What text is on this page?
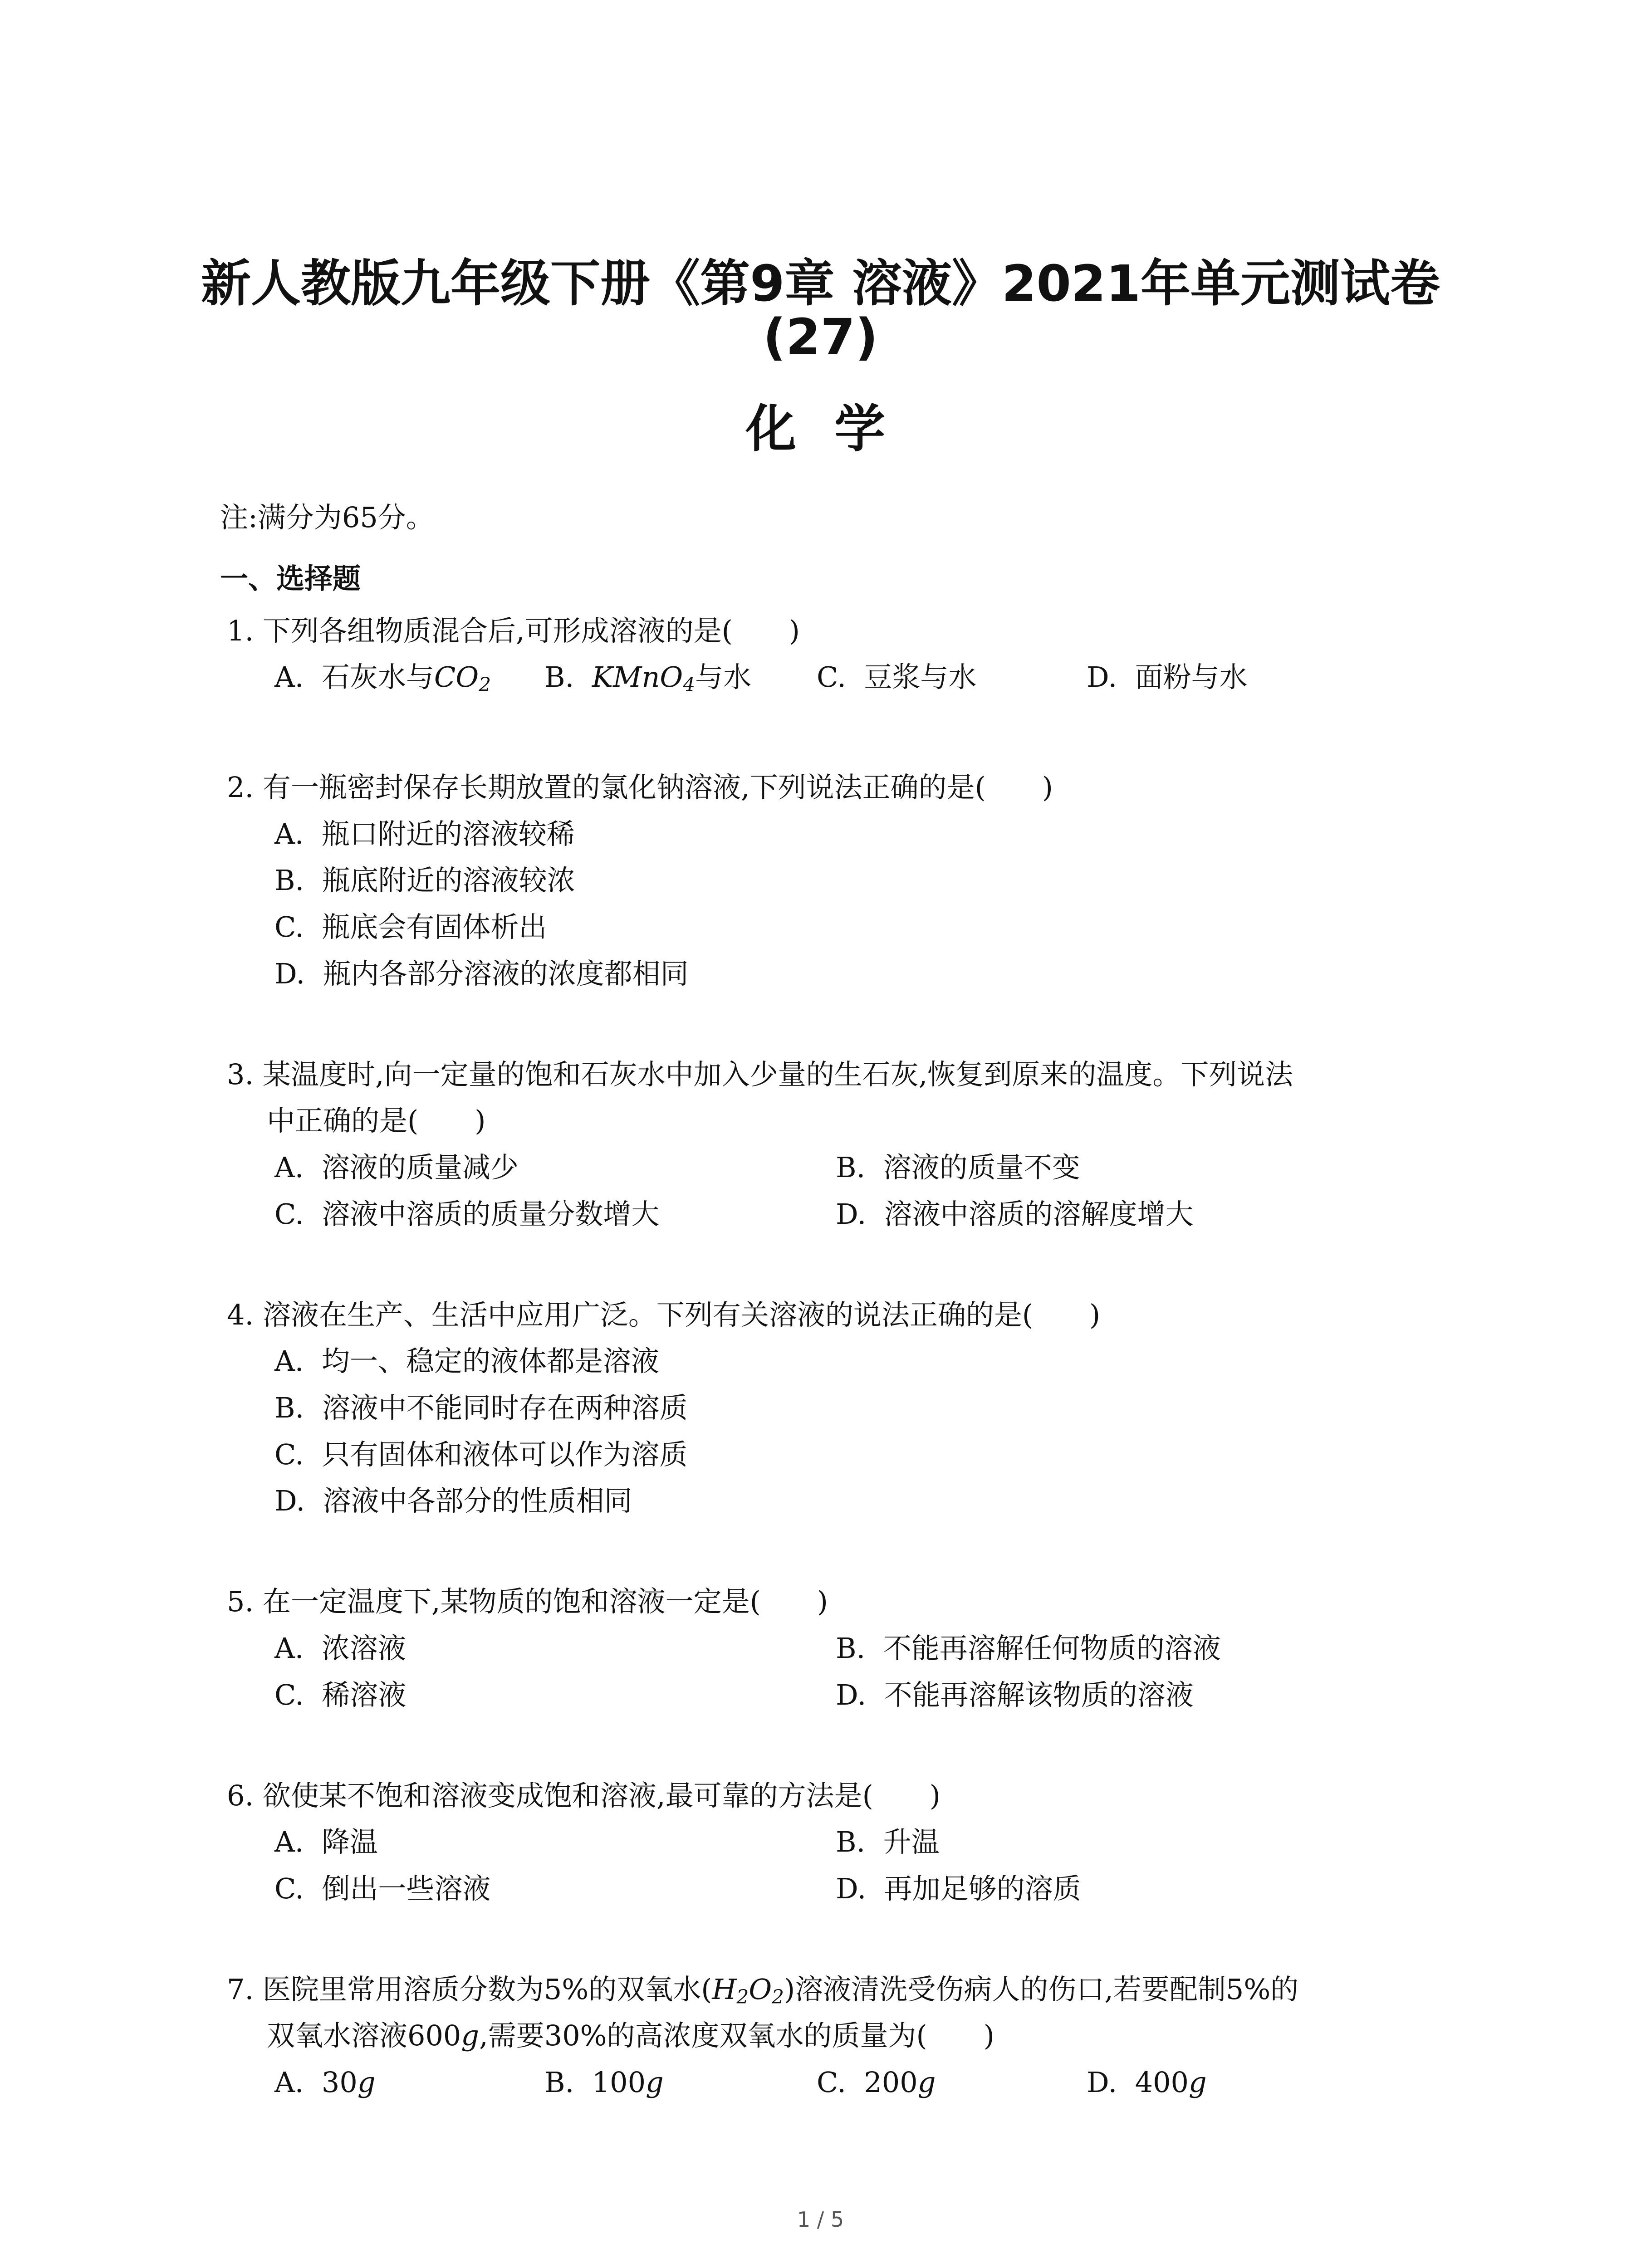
新人教版九年级下册《第9章 溶液》2021年单元测试卷
(27)
化 学
注:满分为65分。
一、选择题
1. 下列各组物质混合后,可形成溶液的是(　　)
A. 石灰水与$CO_2$ B. KMnO$_4$与水 C. 豆浆与水	D. 面粉与水
2. 有一瓶密封保存长期放置的氯化钠溶液,下列说法正确的是(　　)
A. 瓶口附近的溶液较稀
B. 瓶底附近的溶液较浓
C. 瓶底会有固体析出
D. 瓶内各部分溶液的浓度都相同
3. 某温度时,向一定量的饱和石灰水中加入少量的生石灰,恢复到原来的温度。下列说法
中正确的是(　　)
A. 溶液的质量减少	B. 溶液的质量不变
C. 溶液中溶质的质量分数增大	D. 溶液中溶质的溶解度增大
4. 溶液在生产、生活中应用广泛。下列有关溶液的说法正确的是(　　)
A. 均一、稳定的液体都是溶液
B. 溶液中不能同时存在两种溶质
C. 只有固体和液体可以作为溶质
D. 溶液中各部分的性质相同
5. 在一定温度下,某物质的饱和溶液一定是(　　)
A. 浓溶液	B. 不能再溶解任何物质的溶液
C. 稀溶液	D. 不能再溶解该物质的溶液
6. 欲使某不饱和溶液变成饱和溶液,最可靠的方法是(　　)
A. 降温	B. 升温
C. 倒出一些溶液	D. 再加足够的溶质
7. 医院里常用溶质分数为5%的双氧水$(H_2O_2)$溶液清洗受伤病人的伤口,若要配制5%的
双氧水溶液600g,需要30%的高浓度双氧水的质量为(　　)
A. 30g	B. 100g	C. 200g	D. 400g
1 / 5
